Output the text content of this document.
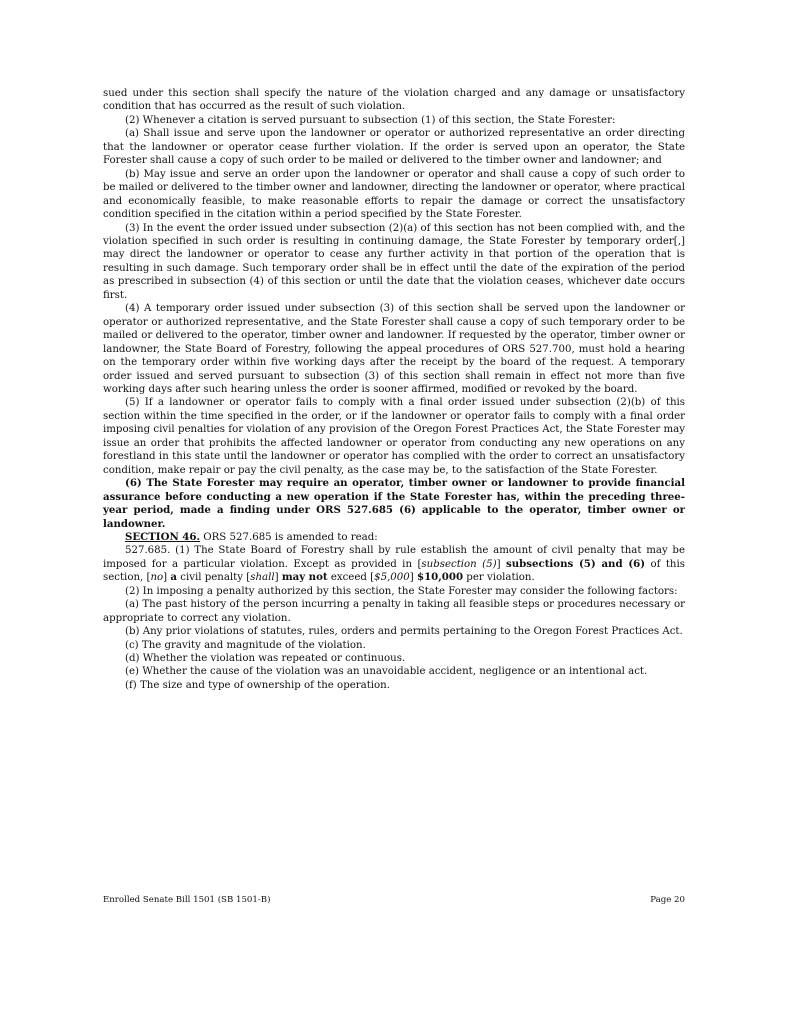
sued under this section shall specify the nature of the violation charged and any damage or unsatisfactory condition that has occurred as the result of such violation.

(2) Whenever a citation is served pursuant to subsection (1) of this section, the State Forester:

(a) Shall issue and serve upon the landowner or operator or authorized representative an order directing that the landowner or operator cease further violation. If the order is served upon an operator, the State Forester shall cause a copy of such order to be mailed or delivered to the timber owner and landowner; and

(b) May issue and serve an order upon the landowner or operator and shall cause a copy of such order to be mailed or delivered to the timber owner and landowner, directing the landowner or operator, where practical and economically feasible, to make reasonable efforts to repair the damage or correct the unsatisfactory condition specified in the citation within a period specified by the State Forester.

(3) In the event the order issued under subsection (2)(a) of this section has not been complied with, and the violation specified in such order is resulting in continuing damage, the State Forester by temporary order[,] may direct the landowner or operator to cease any further activity in that portion of the operation that is resulting in such damage. Such temporary order shall be in effect until the date of the expiration of the period as prescribed in subsection (4) of this section or until the date that the violation ceases, whichever date occurs first.

(4) A temporary order issued under subsection (3) of this section shall be served upon the landowner or operator or authorized representative, and the State Forester shall cause a copy of such temporary order to be mailed or delivered to the operator, timber owner and landowner. If requested by the operator, timber owner or landowner, the State Board of Forestry, following the appeal procedures of ORS 527.700, must hold a hearing on the temporary order within five working days after the receipt by the board of the request. A temporary order issued and served pursuant to subsection (3) of this section shall remain in effect not more than five working days after such hearing unless the order is sooner affirmed, modified or revoked by the board.

(5) If a landowner or operator fails to comply with a final order issued under subsection (2)(b) of this section within the time specified in the order, or if the landowner or operator fails to comply with a final order imposing civil penalties for violation of any provision of the Oregon Forest Practices Act, the State Forester may issue an order that prohibits the affected landowner or operator from conducting any new operations on any forestland in this state until the landowner or operator has complied with the order to correct an unsatisfactory condition, make repair or pay the civil penalty, as the case may be, to the satisfaction of the State Forester.

(6) The State Forester may require an operator, timber owner or landowner to provide financial assurance before conducting a new operation if the State Forester has, within the preceding three-year period, made a finding under ORS 527.685 (6) applicable to the operator, timber owner or landowner.

SECTION 46. ORS 527.685 is amended to read:

527.685. (1) The State Board of Forestry shall by rule establish the amount of civil penalty that may be imposed for a particular violation. Except as provided in [subsection (5)] subsections (5) and (6) of this section, [no] a civil penalty [shall] may not exceed [$5,000] $10,000 per violation.

(2) In imposing a penalty authorized by this section, the State Forester may consider the following factors:

(a) The past history of the person incurring a penalty in taking all feasible steps or procedures necessary or appropriate to correct any violation.

(b) Any prior violations of statutes, rules, orders and permits pertaining to the Oregon Forest Practices Act.

(c) The gravity and magnitude of the violation.

(d) Whether the violation was repeated or continuous.

(e) Whether the cause of the violation was an unavoidable accident, negligence or an intentional act.

(f) The size and type of ownership of the operation.

Enrolled Senate Bill 1501 (SB 1501-B)	Page 20
